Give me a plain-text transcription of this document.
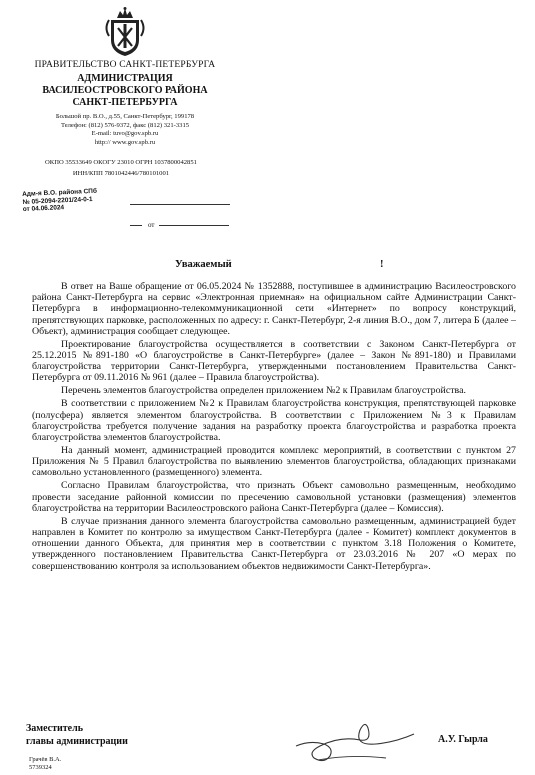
ПРАВИТЕЛЬСТВО САНКТ-ПЕТЕРБУРГА
АДМИНИСТРАЦИЯ
ВАСИЛЕОСТРОВСКОГО РАЙОНА
САНКТ-ПЕТЕРБУРГА
Большой пр. В.О., д.55, Санкт-Петербург, 199178
Телефон: (812) 576-9372, факс (812) 321-3315
E-mail: tuvo@gov.spb.ru
http:// www.gov.spb.ru
ОКПО 35533649 ОКОГУ 23010 ОГРН 1037800042851
ИНН/КПП 7801042446/780101001
Адм-я В.О. района СПб
№ 05-2094-2201/24-0-1
от 04.06.2024
от
Уважаемый	!

В ответ на Ваше обращение от 06.05.2024 № 1352888, поступившее в администрацию Василеостровского района Санкт-Петербурга на сервис «Электронная приемная» на официальном сайте Администрации Санкт-Петербурга в информационно-телекоммуникационной сети «Интернет» по вопросу конструкций, препятствующих парковке, расположенных по адресу: г. Санкт-Петербург, 2-я линия В.О., дом 7, литера Б (далее – Объект), администрация сообщает следующее.

Проектирование благоустройства осуществляется в соответствии с Законом Санкт-Петербурга от 25.12.2015 №891-180 «О благоустройстве в Санкт-Петербурге» (далее – Закон №891-180) и Правилами благоустройства территории Санкт-Петербурга, утвержденными постановлением Правительства Санкт-Петербурга от 09.11.2016 № 961 (далее – Правила благоустройства).

Перечень элементов благоустройства определен приложением №2 к Правилам благоустройства.

В соответствии с приложением №2 к Правилам благоустройства конструкция, препятствующей парковке (полусфера) является элементом благоустройства. В соответствии с Приложением №3 к Правилам благоустройства требуется получение задания на разработку проекта благоустройства и разработка проекта благоустройства элементов благоустройства.

На данный момент, администрацией проводится комплекс мероприятий, в соответствии с пунктом 27 Приложения № 5 Правил благоустройства по выявлению элементов благоустройства, обладающих признаками самовольно установленного (размещенного) элемента.

Согласно Правилам благоустройства, что признать Объект самовольно размещенным, необходимо провести заседание районной комиссии по пресечению самовольной установки (размещения) элементов благоустройства на территории Василеостровского района Санкт-Петербурга (далее – Комиссия).

В случае признания данного элемента благоустройства самовольно размещенным, администрацией будет направлен в Комитет по контролю за имуществом Санкт-Петербурга (далее - Комитет) комплект документов в отношении данного Объекта, для принятия мер в соответствии с пунктом 3.18 Положения о Комитете, утвержденного постановлением Правительства Санкт-Петербурга от 23.03.2016 № 207 «О мерах по совершенствованию контроля за использованием объектов недвижимости Санкт-Петербурга».

Заместитель
главы администрации	А.У. Гырла
Грачёв В.А.
5739324
